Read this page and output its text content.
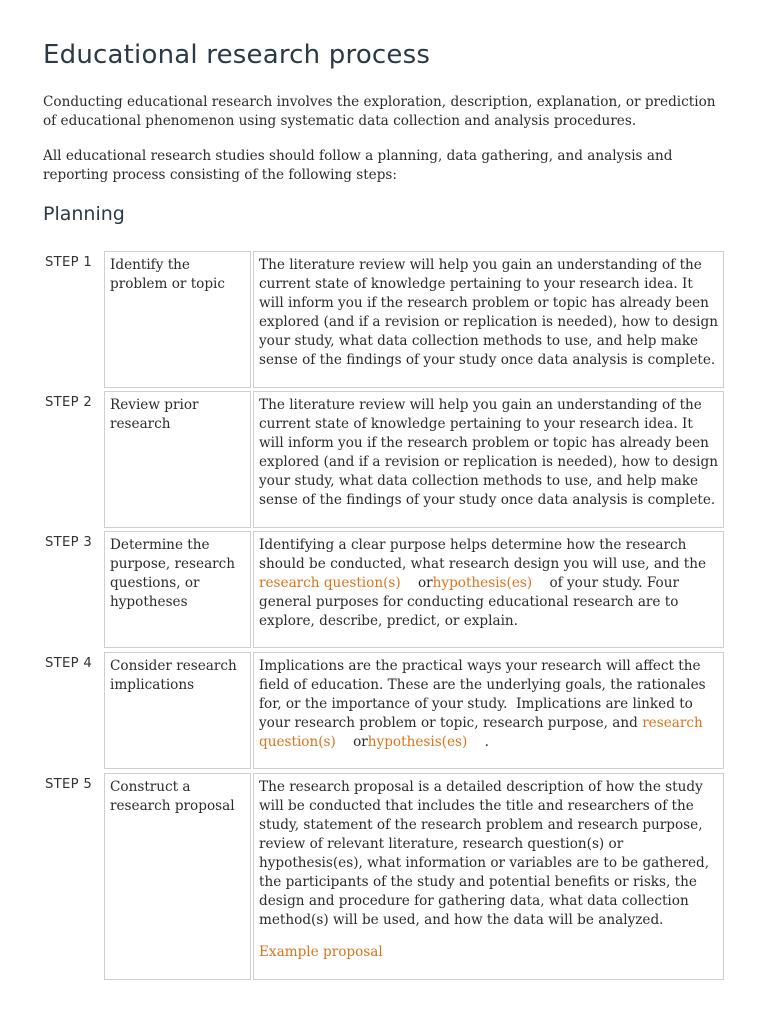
Educational research process

Conducting educational research involves the exploration, description, explanation, or prediction of educational phenomenon using systematic data collection and analysis procedures.

All educational research studies should follow a planning, data gathering, and analysis and reporting process consisting of the following steps:

Planning
STEP 1 Identify the problem or topic

The literature review will help you gain an understanding of the current state of knowledge pertaining to your research idea. It will inform you if the research problem or topic has already been explored (and if a revision or replication is needed), how to design your study, what data collection methods to use, and help make sense of the findings of your study once data analysis is complete.

STEP 2 Review prior research

The literature review will help you gain an understanding of the current state of knowledge pertaining to your research idea. It will inform you if the research problem or topic has already been explored (and if a revision or replication is needed), how to design your study, what data collection methods to use, and help make sense of the findings of your study once data analysis is complete.

STEP 3 Determine the purpose, research questions, or hypotheses

Identifying a clear purpose helps determine how the research should be conducted, what research design you will use, and the research question(s)    orhypothesis(es)    of your study. Four general purposes for conducting educational research are to explore, describe, predict, or explain.

STEP 4 Consider research implications

Implications are the practical ways your research will affect the field of education. These are the underlying goals, the rationales for, or the importance of your study.  Implications are linked to your research problem or topic, research purpose, and research question(s)    orhypothesis(es)    .

STEP 5 Construct a research proposal

The research proposal is a detailed description of how the study will be conducted that includes the title and researchers of the study, statement of the research problem and research purpose, review of relevant literature, research question(s) or hypothesis(es), what information or variables are to be gathered, the participants of the study and potential benefits or risks, the design and procedure for gathering data, what data collection method(s) will be used, and how the data will be analyzed.

Example proposal
